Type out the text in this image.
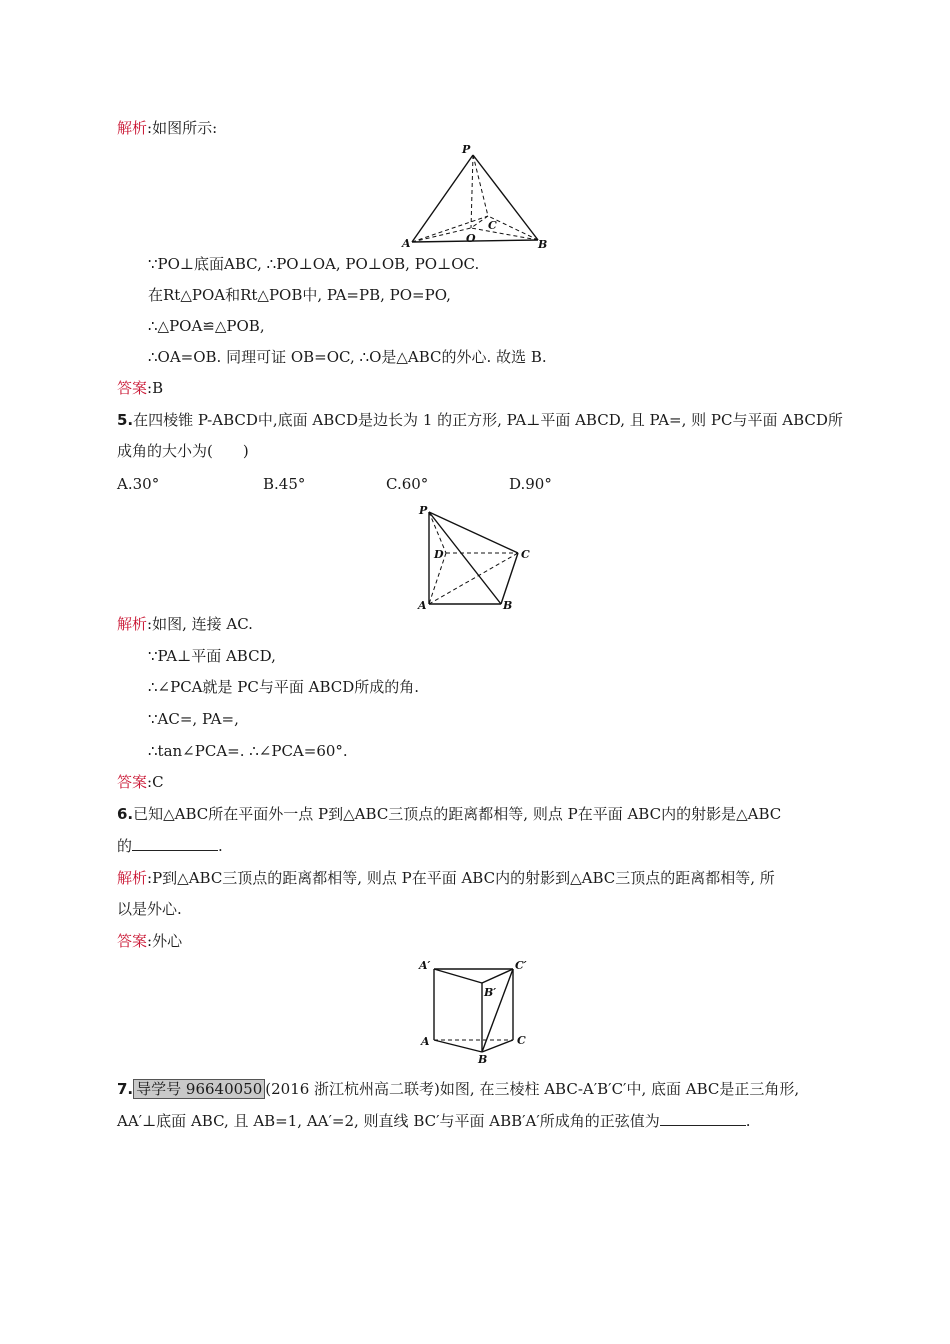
解析:如图所示:
P
A	B
C
O
∵PO⊥底面ABC, ∴PO⊥OA, PO⊥OB, PO⊥OC.
在Rt△POA和Rt△POB中, PA=PB, PO=PO,
∴△POA≌△POB,
∴OA=OB. 同理可证 OB=OC, ∴O是△ABC的外心. 故选 B.
答案:B
5.在四棱锥 P-ABCD中,底面 ABCD是边长为 1 的正方形, PA⊥平面 ABCD, 且 PA=, 则 PC与平面 ABCD所
成角的大小为(　　)
A.30°	B.45°	C.60°	D.90°
P
D	C
A	B
解析:如图, 连接 AC.
∵PA⊥平面 ABCD,
∴∠PCA就是 PC与平面 ABCD所成的角.
∵AC=, PA=,
∴tan∠PCA=. ∴∠PCA=60°.
答案:C
6.已知△ABC所在平面外一点 P到△ABC三顶点的距离都相等, 则点 P在平面 ABC内的射影是△ABC
的	.
解析:P到△ABC三顶点的距离都相等, 则点 P在平面 ABC内的射影到△ABC三顶点的距离都相等, 所
以是外心.
答案:外心
A′	C′
B′
A	C
B
7. 导学号 96640050 (2016 浙江杭州高二联考)如图, 在三棱柱 ABC-A′B′C′中, 底面 ABC是正三角形,
AA′⊥底面 ABC, 且 AB=1, AA′=2, 则直线 BC′与平面 ABB′A′所成角的正弦值为	.
